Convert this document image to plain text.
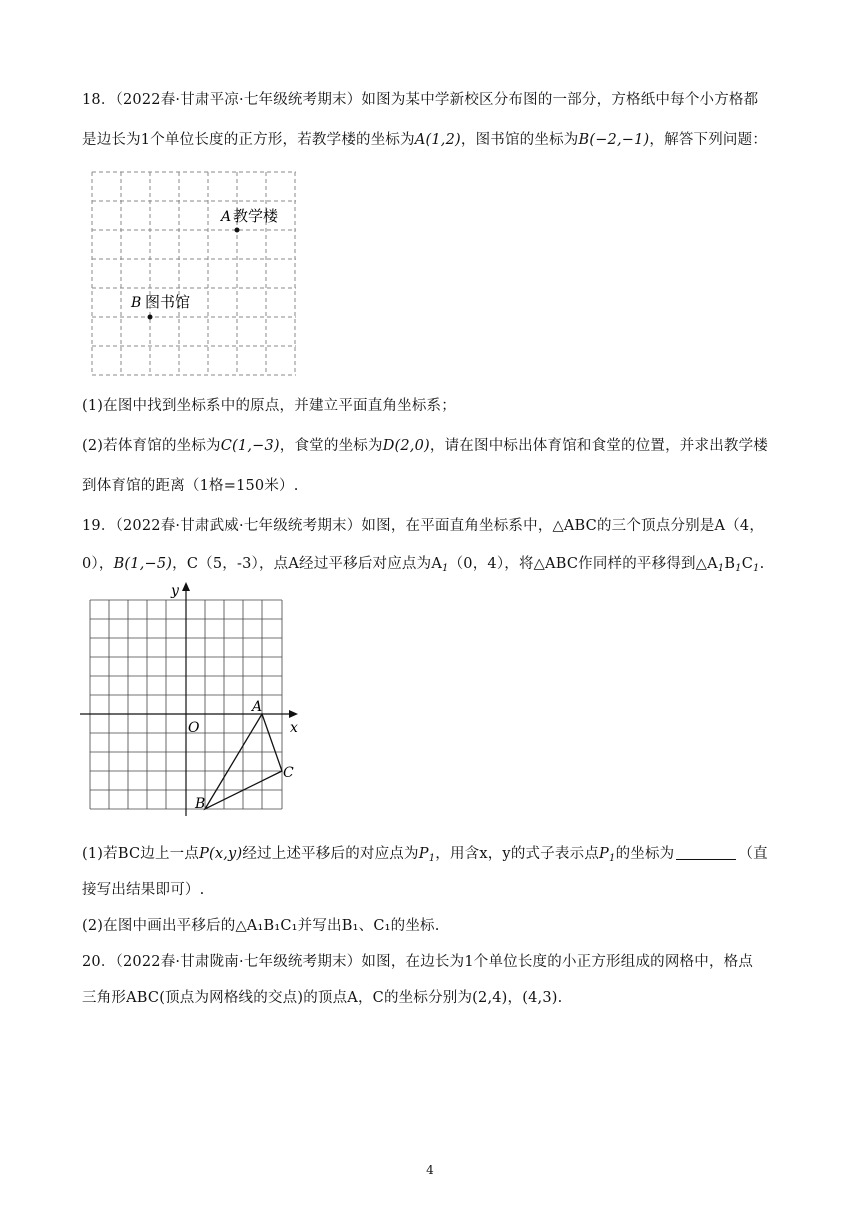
18．（2022春·甘肃平凉·七年级统考期末）如图为某中学新校区分布图的一部分，方格纸中每个小方格都
是边长为1个单位长度的正方形，若教学楼的坐标为A(1,2)，图书馆的坐标为B(−2,−1)，解答下列问题：
A 教学楼
B 图书馆
(1)在图中找到坐标系中的原点，并建立平面直角坐标系；
(2)若体育馆的坐标为C(1,−3)，食堂的坐标为D(2,0)，请在图中标出体育馆和食堂的位置，并求出教学楼
到体育馆的距离（1格=150米）.
19．（2022春·甘肃武威·七年级统考期末）如图，在平面直角坐标系中，△ABC的三个顶点分别是A（4，
0），B(1,−5)，C（5，-3），点A经过平移后对应点为$A_1(0$，4），将△ABC作同样的平移得到$\triangle A_1B_1C_1$.
y
x
O
A
B
C
(1)若BC边上一点P(x,y)经过上述平移后的对应点为$P_1$，用含x，y的式子表示点$P_1$的坐标为	（直
接写出结果即可）.
(2)在图中画出平移后的△A₁B₁C₁并写出B₁、C₁的坐标.
20．（2022春·甘肃陇南·七年级统考期末）如图，在边长为1个单位长度的小正方形组成的网格中，格点
三角形ABC(顶点为网格线的交点)的顶点A，C的坐标分别为(2,4)，(4,3).
4
